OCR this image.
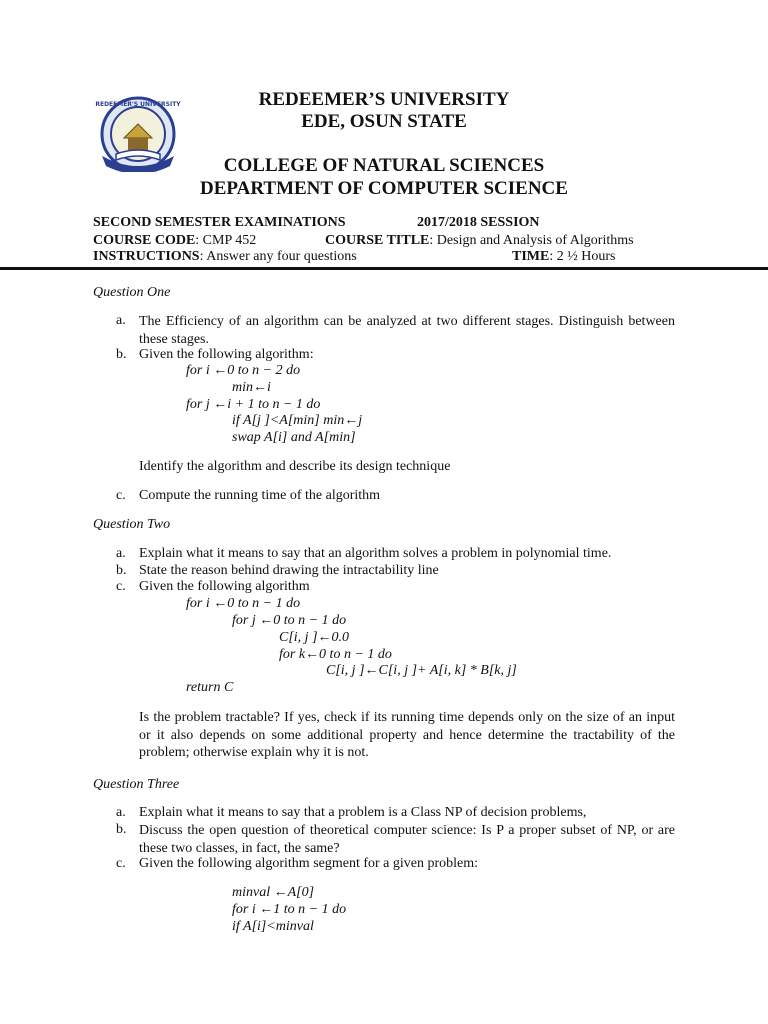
REDEEMER'S UNIVERSITY	REDEEMER’S UNIVERSITY

EDE, OSUN STATE

COLLEGE OF NATURAL SCIENCES

DEPARTMENT OF COMPUTER SCIENCE

SECOND SEMESTER EXAMINATIONS	2017/2018 SESSION

COURSE CODE: CMP 452	COURSE TITLE: Design and Analysis of Algorithms

INSTRUCTIONS: Answer any four questions	TIME: 2 ½ Hours

Question One

a. The Efficiency of an algorithm can be analyzed at two different stages. Distinguish between these stages.

b. Given the following algorithm:

for i ←0 to n − 2 do

min←i

for j ←i + 1 to n − 1 do

if A[j ]<A[min] min←j

swap A[i] and A[min]

Identify the algorithm and describe its design technique

c. Compute the running time of the algorithm

Question Two

a. Explain what it means to say that an algorithm solves a problem in polynomial time.

b. State the reason behind drawing the intractability line

c. Given the following algorithm

for i ←0 to n − 1 do

for j ←0 to n − 1 do

C[i, j ]←0.0

for k←0 to n − 1 do

C[i, j ]←C[i, j ]+ A[i, k] * B[k, j]

return C

Is the problem tractable? If yes, check if its running time depends only on the size of an input or it also depends on some additional property and hence determine the tractability of the problem; otherwise explain why it is not.

Question Three

a. Explain what it means to say that a problem is a Class NP of decision problems,

b. Discuss the open question of theoretical computer science: Is P a proper subset of NP, or are these two classes, in fact, the same?

c. Given the following algorithm segment for a given problem:

minval ←A[0]

for i ←1 to n − 1 do

if A[i]<minval
